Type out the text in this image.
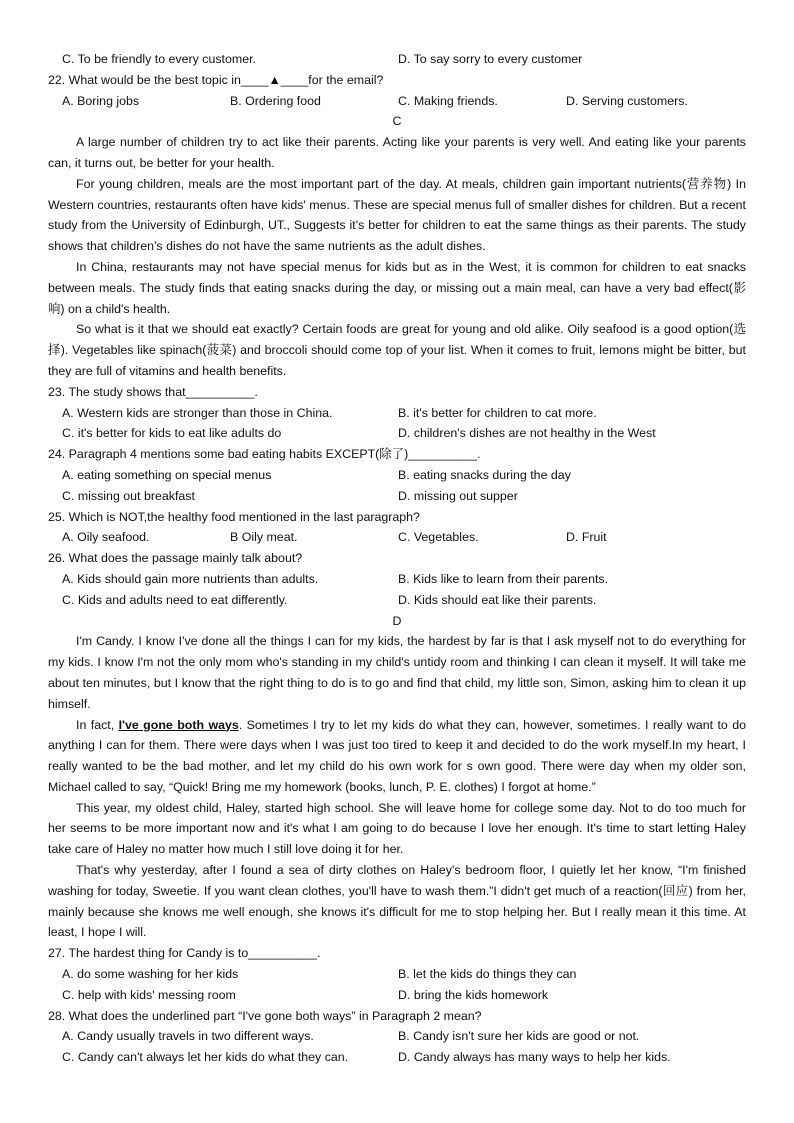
C. To be friendly to every customer.	D. To say sorry to every customer
22. What would be the best topic in____▲____for the email?
A. Boring jobs	B. Ordering food	C. Making friends.	D. Serving customers.
C
A large number of children try to act like their parents. Acting like your parents is very well. And eating like your parents can, it turns out, be better for your health.
For young children, meals are the most important part of the day. At meals, children gain important nutrients(营养物) In Western countries, restaurants often have kids' menus. These are special menus full of smaller dishes for children. But a recent study from the University of Edinburgh, UT., Suggests it's better for children to eat the same things as their parents. The study shows that children's dishes do not have the same nutrients as the adult dishes.
In China, restaurants may not have special menus for kids but as in the West, it is common for children to eat snacks between meals. The study finds that eating snacks during the day, or missing out a main meal, can have a very bad effect(影响) on a child's health.
So what is it that we should eat exactly? Certain foods are great for young and old alike. Oily seafood is a good option(选择). Vegetables like spinach(菠菜) and broccoli should come top of your list. When it comes to fruit, lemons might be bitter, but they are full of vitamins and health benefits.
23. The study shows that__________.
A. Western kids are stronger than those in China.	B. it's better for children to cat more.
C. it's better for kids to eat like adults do	D. children's dishes are not healthy in the West
24. Paragraph 4 mentions some bad eating habits EXCEPT(除了)__________.
A. eating something on special menus	B. eating snacks during the day
C. missing out breakfast	D. missing out supper
25. Which is NOT,the healthy food mentioned in the last paragraph?
A. Oily seafood.	B Oily meat.	C. Vegetables.	D. Fruit
26. What does the passage mainly talk about?
A. Kids should gain more nutrients than adults.	B. Kids like to learn from their parents.
C. Kids and adults need to eat differently.	D. Kids should eat like their parents.
D
I'm Candy. I know I've done all the things I can for my kids, the hardest by far is that I ask myself not to do everything for my kids. I know I'm not the only mom who's standing in my child's untidy room and thinking I can clean it myself. It will take me about ten minutes, but I know that the right thing to do is to go and find that child, my little son, Simon, asking him to clean it up himself.
In fact, I've gone both ways. Sometimes I try to let my kids do what they can, however, sometimes. I really want to do anything I can for them. There were days when I was just too tired to keep it and decided to do the work myself.In my heart, I really wanted to be the bad mother, and let my child do his own work for s own good. There were day when my older son, Michael called to say, “Quick! Bring me my homework (books, lunch, P. E. clothes) I forgot at home.”
This year, my oldest child, Haley, started high school. She will leave home for college some day. Not to do too much for her seems to be more important now and it's what I am going to do because I love her enough. It's time to start letting Haley take care of Haley no matter how much I still love doing it for her.
That's why yesterday, after I found a sea of dirty clothes on Haley's bedroom floor, I quietly let her know, “I'm finished washing for today, Sweetie. If you want clean clothes, you'll have to wash them.”I didn't get much of a reaction(回应) from her, mainly because she knows me well enough, she knows it's difficult for me to stop helping her. But I really mean it this time. At least, I hope I will.
27. The hardest thing for Candy is to__________.
A. do some washing for her kids	B. let the kids do things they can
C. help with kids' messing room	D. bring the kids homework
28. What does the underlined part “I've gone both ways” in Paragraph 2 mean?
A. Candy usually travels in two different ways.	B. Candy isn't sure her kids are good or not.
C. Candy can't always let her kids do what they can.	D. Candy always has many ways to help her kids.
